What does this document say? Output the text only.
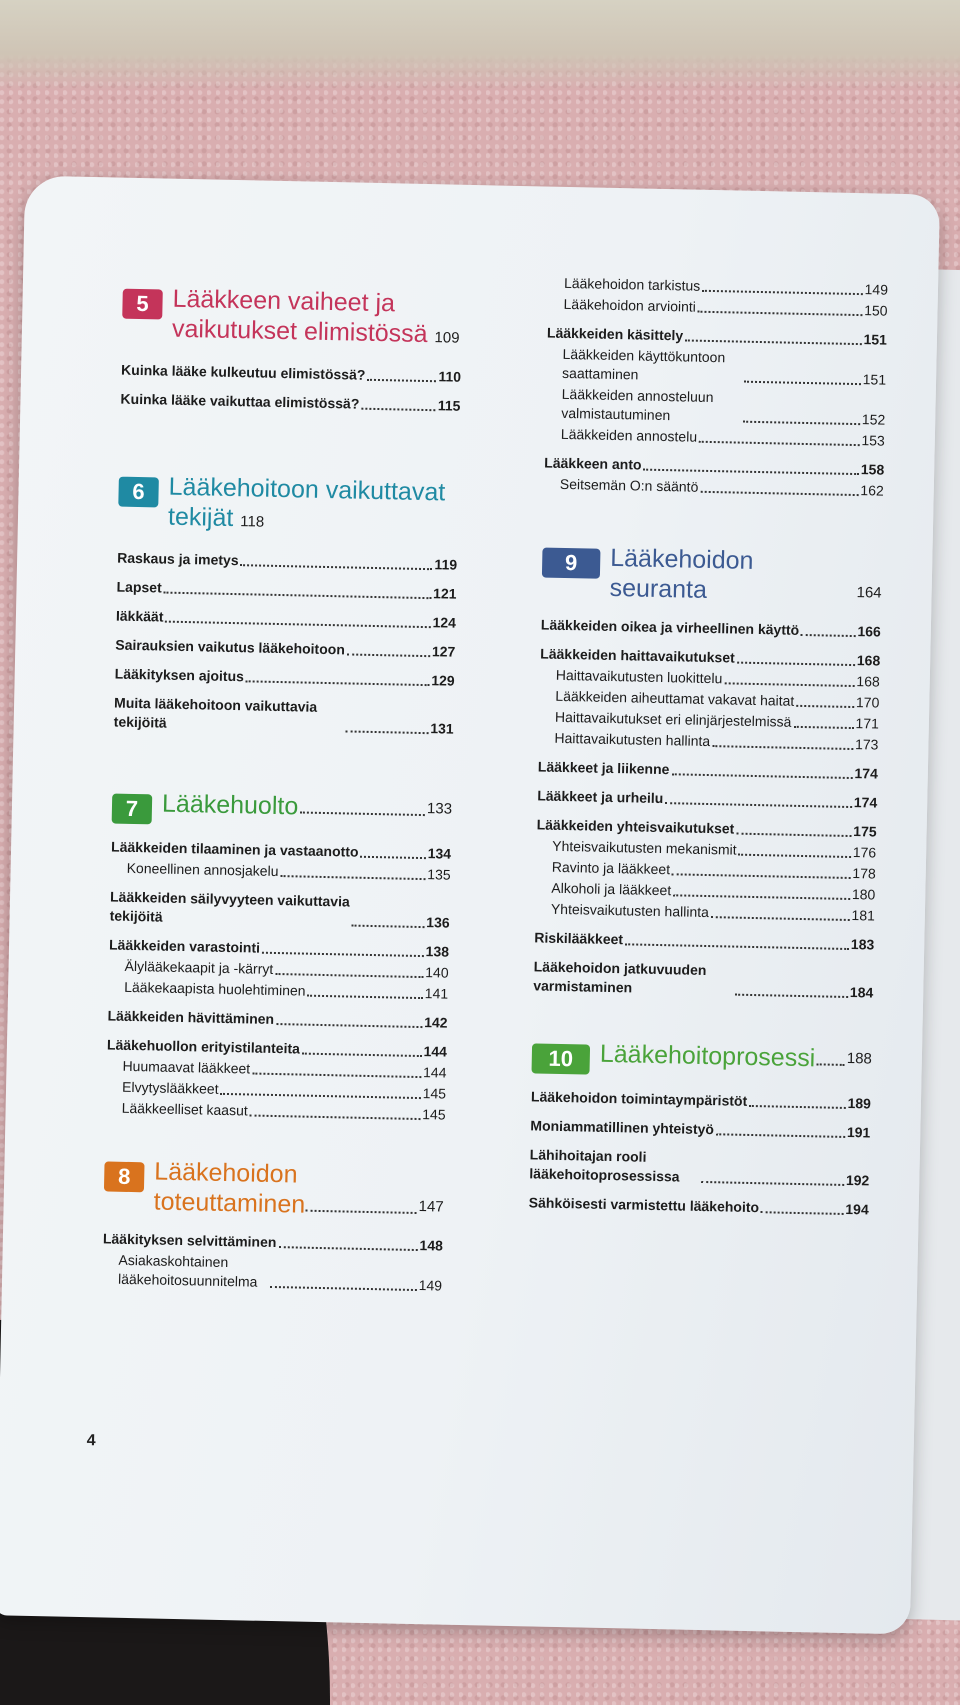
5 Lääkkeen vaiheet ja vaikutukset elimistössä 109
Kuinka lääke kulkeutuu elimistössä?	110
Kuinka lääke vaikuttaa elimistössä?	115
6 Lääkehoitoon vaikuttavat tekijät 118
Raskaus ja imetys	119
Lapset	121
Iäkkäät	124
Sairauksien vaikutus lääkehoitoon	127
Lääkityksen ajoitus	129
Muita lääkehoitoon vaikuttavia tekijöitä	131
7 Lääkehuolto	133
Lääkkeiden tilaaminen ja vastaanotto	134
Koneellinen annosjakelu	135
Lääkkeiden säilyvyyteen vaikuttavia tekijöitä	136
Lääkkeiden varastointi	138
Älylääkekaapit ja -kärryt	140
Lääkekaapista huolehtiminen	141
Lääkkeiden hävittäminen	142
Lääkehuollon erityistilanteita	144
Huumaavat lääkkeet	144
Elvytyslääkkeet	145
Lääkkeelliset kaasut	145
8 Lääkehoidon toteuttaminen	147
Lääkityksen selvittäminen	148
Asiakaskohtainen lääkehoitosuunnitelma	149
Lääkehoidon tarkistus	149
Lääkehoidon arviointi	150
Lääkkeiden käsittely	151
Lääkkeiden käyttökuntoon saattaminen	151
Lääkkeiden annosteluun valmistautuminen	152
Lääkkeiden annostelu	153
Lääkkeen anto	158
Seitsemän O:n sääntö	162
9	Lääkehoidon seuranta	164
Lääkkeiden oikea ja virheellinen käyttö	166
Lääkkeiden haittavaikutukset	168
Haittavaikutusten luokittelu	168
Lääkkeiden aiheuttamat vakavat haitat	170
Haittavaikutukset eri elinjärjestelmissä	171
Haittavaikutusten hallinta	173
Lääkkeet ja liikenne	174
Lääkkeet ja urheilu	174
Lääkkeiden yhteisvaikutukset	175
Yhteisvaikutusten mekanismit	176
Ravinto ja lääkkeet	178
Alkoholi ja lääkkeet	180
Yhteisvaikutusten hallinta	181
Riskilääkkeet	183
Lääkehoidon jatkuvuuden varmistaminen	184
10	Lääkehoitoprosessi 188
Lääkehoidon toimintaympäristöt	189
Moniammatillinen yhteistyö	191
Lähihoitajan rooli lääkehoitoprosessissa	192
Sähköisesti varmistettu lääkehoito	194
4
